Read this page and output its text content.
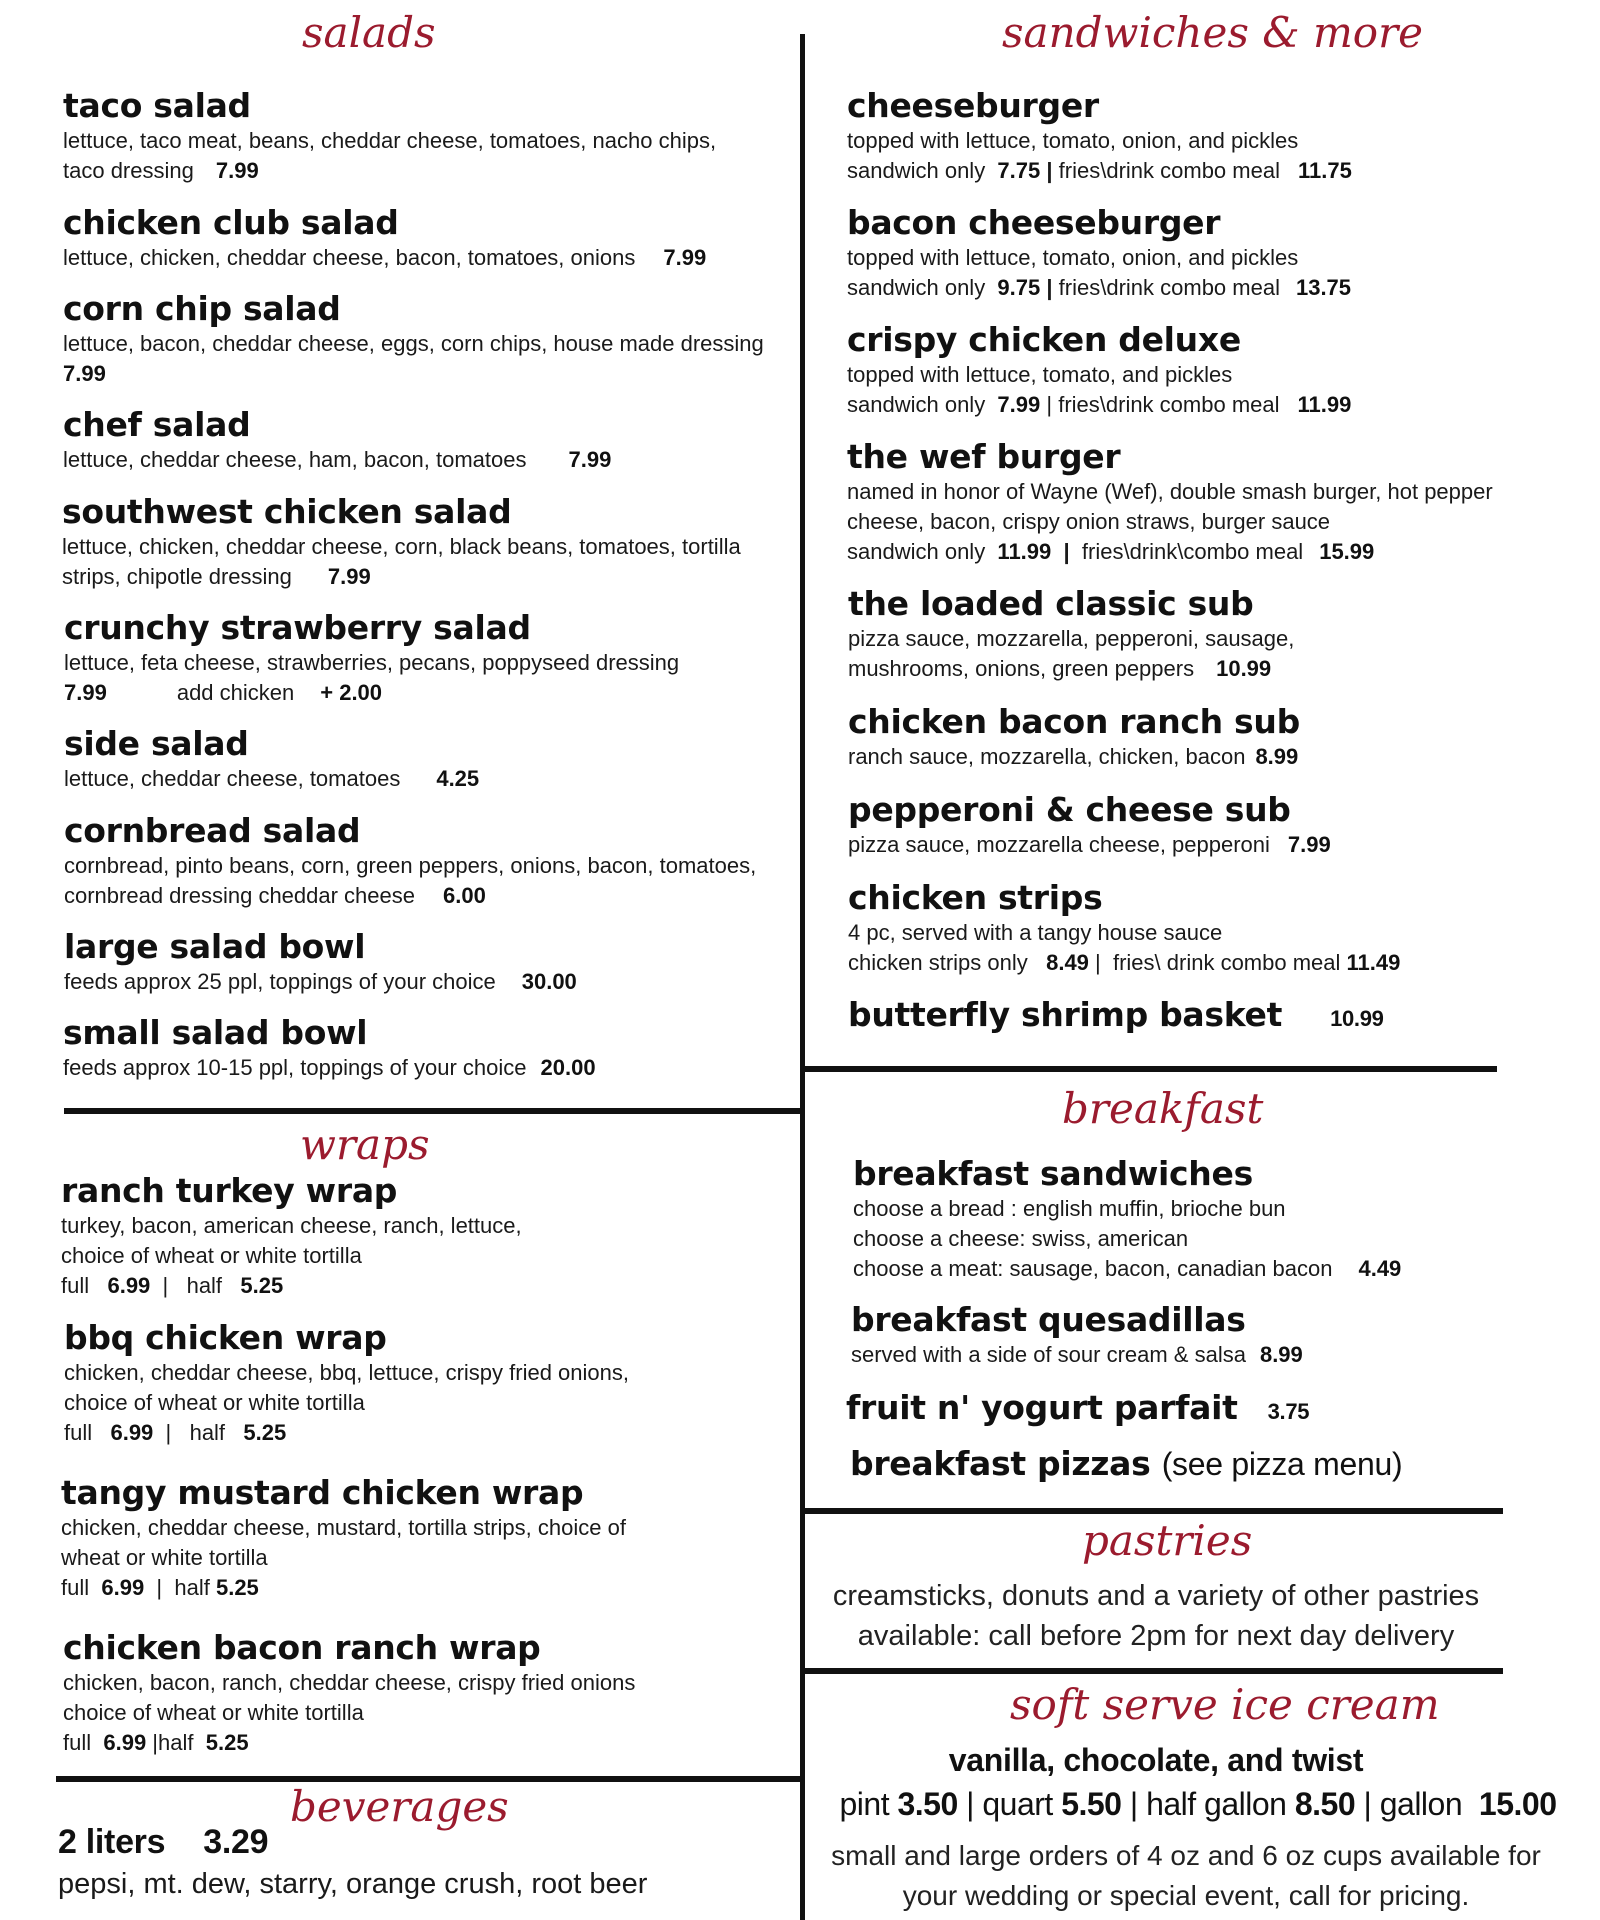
salads
taco salad
lettuce, taco meat, beans, cheddar cheese, tomatoes, nacho chips,
taco dressing 7.99
chicken club salad
lettuce, chicken, cheddar cheese, bacon, tomatoes, onions 7.99
corn chip salad
lettuce, bacon, cheddar cheese, eggs, corn chips, house made dressing
7.99
chef salad
lettuce, cheddar cheese, ham, bacon, tomatoes 7.99
southwest chicken salad
lettuce, chicken, cheddar cheese, corn, black beans, tomatoes, tortilla
strips, chipotle dressing 7.99
crunchy strawberry salad
lettuce, feta cheese, strawberries, pecans, poppyseed dressing
7.99	add chicken + 2.00
side salad
lettuce, cheddar cheese, tomatoes 4.25
cornbread salad
cornbread, pinto beans, corn, green peppers, onions, bacon, tomatoes,
cornbread dressing cheddar cheese 6.00
large salad bowl
feeds approx 25 ppl, toppings of your choice 30.00
small salad bowl
feeds approx 10-15 ppl, toppings of your choice 20.00
wraps
ranch turkey wrap
turkey, bacon, american cheese, ranch, lettuce,
choice of wheat or white tortilla
full 6.99  |   half 5.25
bbq chicken wrap
chicken, cheddar cheese, bbq, lettuce, crispy fried onions,
choice of wheat or white tortilla
full 6.99  |   half 5.25
tangy mustard chicken wrap
chicken, cheddar cheese, mustard, tortilla strips, choice of
wheat or white tortilla
full 6.99  |  half 5.25
chicken bacon ranch wrap
chicken, bacon, ranch, cheddar cheese, crispy fried onions
choice of wheat or white tortilla
full 6.99 |half 5.25
beverages
2 liters 3.29
pepsi, mt. dew, starry, orange crush, root beer
sandwiches & more
cheeseburger
topped with lettuce, tomato, onion, and pickles
sandwich only 7.75 | fries\drink combo meal 11.75
bacon cheeseburger
topped with lettuce, tomato, onion, and pickles
sandwich only 9.75 | fries\drink combo meal 13.75
crispy chicken deluxe
topped with lettuce, tomato, and pickles
sandwich only 7.99 | fries\drink combo meal 11.99
the wef burger
named in honor of Wayne (Wef), double smash burger, hot pepper
cheese, bacon, crispy onion straws, burger sauce
sandwich only 11.99 | fries\drink\combo meal 15.99
the loaded classic sub
pizza sauce, mozzarella, pepperoni, sausage,
mushrooms, onions, green peppers 10.99
chicken bacon ranch sub
ranch sauce, mozzarella, chicken, bacon 8.99
pepperoni & cheese sub
pizza sauce, mozzarella cheese, pepperoni 7.99
chicken strips
4 pc, served with a tangy house sauce
chicken strips only 8.49 |  fries\ drink combo meal 11.49
butterfly shrimp basket 10.99
breakfast
breakfast sandwiches
choose a bread : english muffin, brioche bun
choose a cheese: swiss, american
choose a meat: sausage, bacon, canadian bacon 4.49
breakfast quesadillas
served with a side of sour cream & salsa 8.99
fruit n' yogurt parfait 3.75
breakfast pizzas (see pizza menu)
pastries
creamsticks, donuts and a variety of other pastries
available: call before 2pm for next day delivery
soft serve ice cream
vanilla, chocolate, and twist
pint 3.50 | quart 5.50 | half gallon 8.50 | gallon 15.00
small and large orders of 4 oz and 6 oz cups available for
your wedding or special event, call for pricing.
